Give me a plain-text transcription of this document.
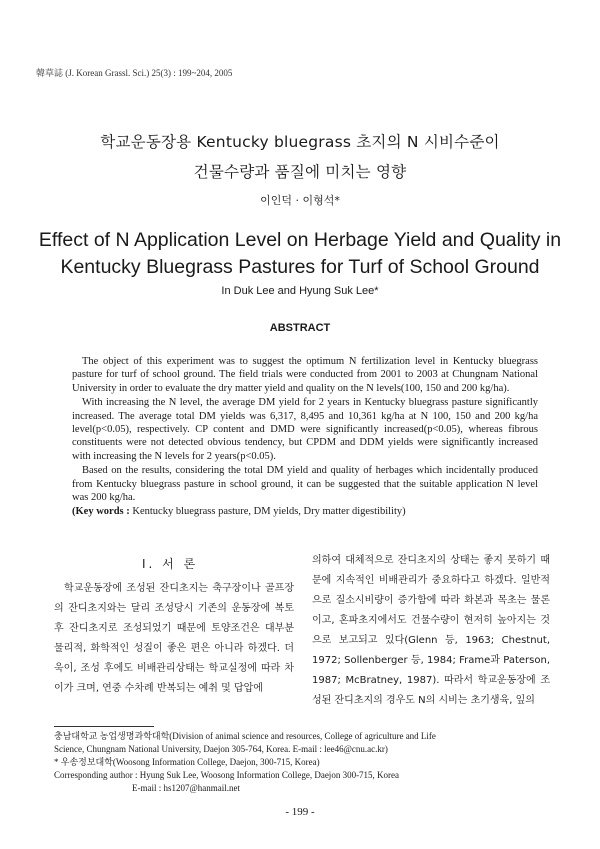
韓草誌 (J. Korean Grassl. Sci.) 25(3) : 199~204, 2005
학교운동장용 Kentucky bluegrass 초지의 N 시비수준이
건물수량과 품질에 미치는 영향
이인덕 · 이형석*
Effect of N Application Level on Herbage Yield and Quality in
Kentucky Bluegrass Pastures for Turf of School Ground
In Duk Lee and Hyung Suk Lee*
ABSTRACT

The object of this experiment was to suggest the optimum N fertilization level in Kentucky bluegrass pasture for turf of school ground. The field trials were conducted from 2001 to 2003 at Chungnam National University in order to evaluate the dry matter yield and quality on the N levels(100, 150 and 200 kg/ha).

With increasing the N level, the average DM yield for 2 years in Kentucky bluegrass pasture significantly increased. The average total DM yields was 6,317, 8,495 and 10,361 kg/ha at N 100, 150 and 200 kg/ha level(p<0.05), respectively. CP content and DMD were significantly increased(p<0.05), whereas fibrous constituents were not detected obvious tendency, but CPDM and DDM yields were significantly increased with increasing the N levels for 2 years(p<0.05).

Based on the results, considering the total DM yield and quality of herbages which incidentally produced from Kentucky bluegrass pasture in school ground, it can be suggested that the suitable application N level was 200 kg/ha.

(Key words : Kentucky bluegrass pasture, DM yields, Dry matter digestibility)

I. 서 론
학교운동장에 조성된 잔디초지는 축구장이나 골프장의 잔디초지와는 달리 조성당시 기존의 운동장에 복토 후 잔디초지로 조성되었기 때문에 토양조건은 대부분 물리적, 화학적인 성질이 좋은 편은 아니라 하겠다. 더욱이, 조성 후에도 비배관리상태는 학교실정에 따라 차이가 크며, 연중 수차례 반복되는 예취 및 답압에
의하여 대체적으로 잔디초지의 상태는 좋지 못하기 때문에 지속적인 비배관리가 중요하다고 하겠다. 일반적으로 질소시비량이 증가함에 따라 화본과 목초는 물론이고, 혼파초지에서도 건물수량이 현저히 높아지는 것으로 보고되고 있다(Glenn 등, 1963; Chestnut, 1972; Sollenberger 등, 1984; Frame과 Paterson, 1987; McBratney, 1987). 따라서 학교운동장에 조성된 잔디초지의 경우도 N의 시비는 초기생육, 잎의
충남대학교 농업생명과학대학(Division of animal science and resources, College of agriculture and Life
Science, Chungnam National University, Daejon 305-764, Korea. E-mail : lee46@cnu.ac.kr)
* 우송정보대학(Woosong Information College, Daejon, 300-715, Korea)
Corresponding author : Hyung Suk Lee, Woosong Information College, Daejon 300-715, Korea
E-mail : hs1207@hanmail.net
- 199 -
